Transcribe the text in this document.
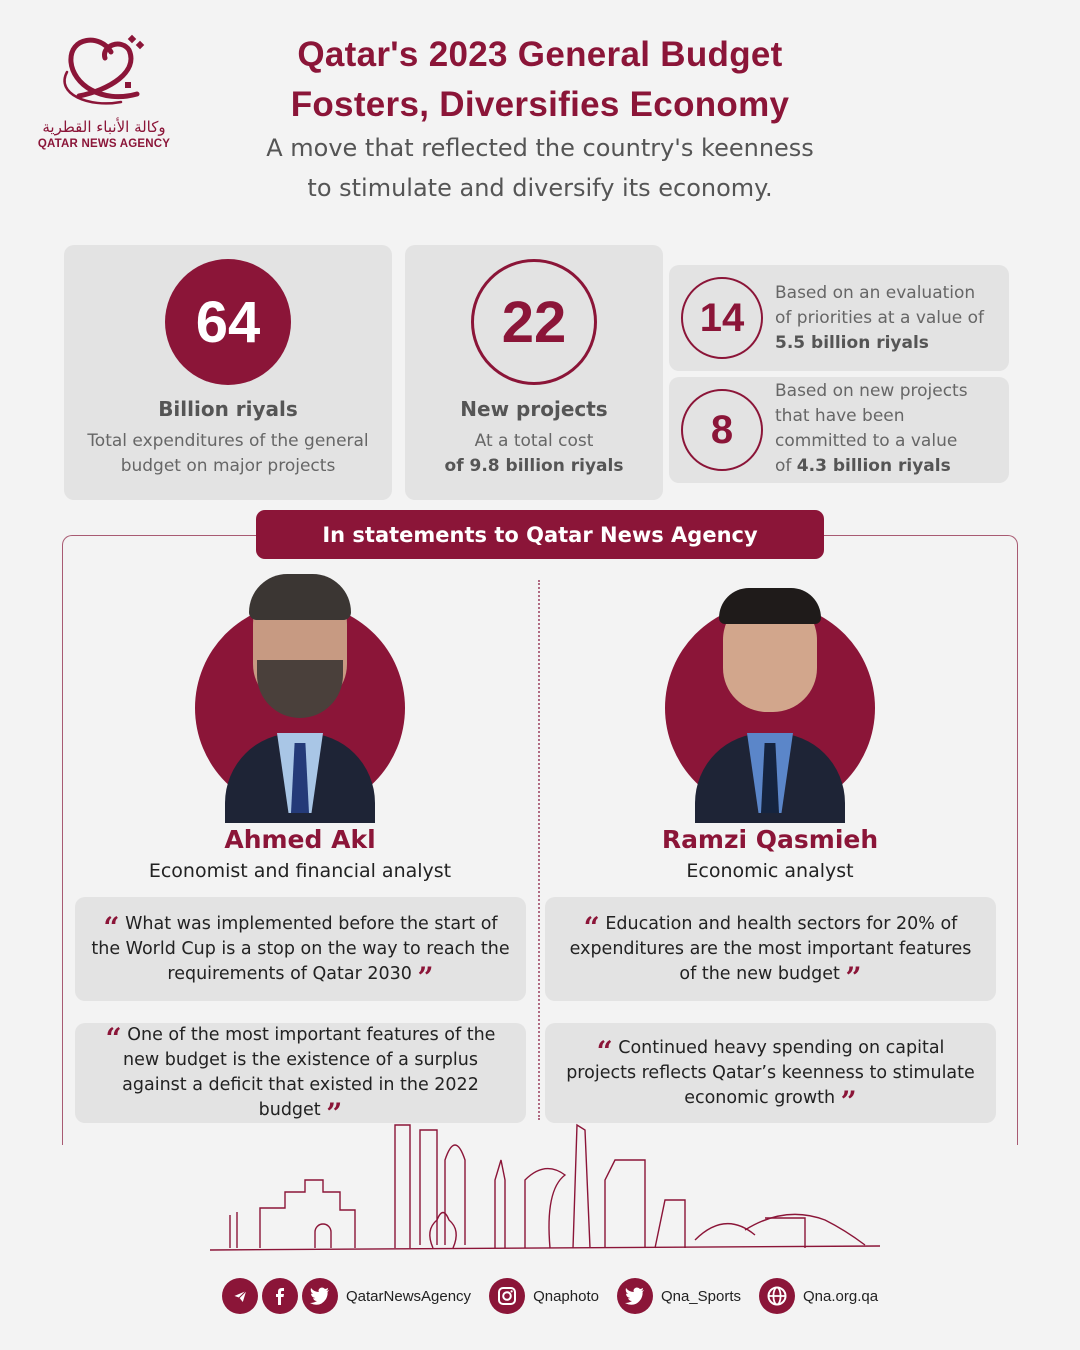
وكالة الأنباء القطرية
QATAR NEWS AGENCY
Qatar's 2023 General Budget
Fosters, Diversifies Economy

A move that reflected the country's keenness
to stimulate and diversify its economy.

64
Billion riyals
Total expenditures of the general
budget on major projects
22
New projects
At a total cost
of 9.8 billion riyals
14
Based on an evaluation
of priorities at a value of
5.5 billion riyals
8
Based on new projects
that have been
committed to a value
of 4.3 billion riyals
In statements to Qatar News Agency
Ahmed Akl
Economist and financial analyst
Ramzi Qasmieh
Economic analyst
“ What was implemented before the start of the World Cup is a stop on the way to reach the requirements of Qatar 2030 ”
“ One of the most important features of the new budget is the existence of a surplus against a deficit that existed in the 2022 budget ”
“ Education and health sectors for 20% of expenditures are the most important features of the new budget ”
“ Continued heavy spending on capital projects reflects Qatar’s keenness to stimulate economic growth ”
QatarNewsAgency	Qnaphoto	Qna_Sports	Qna.org.qa
